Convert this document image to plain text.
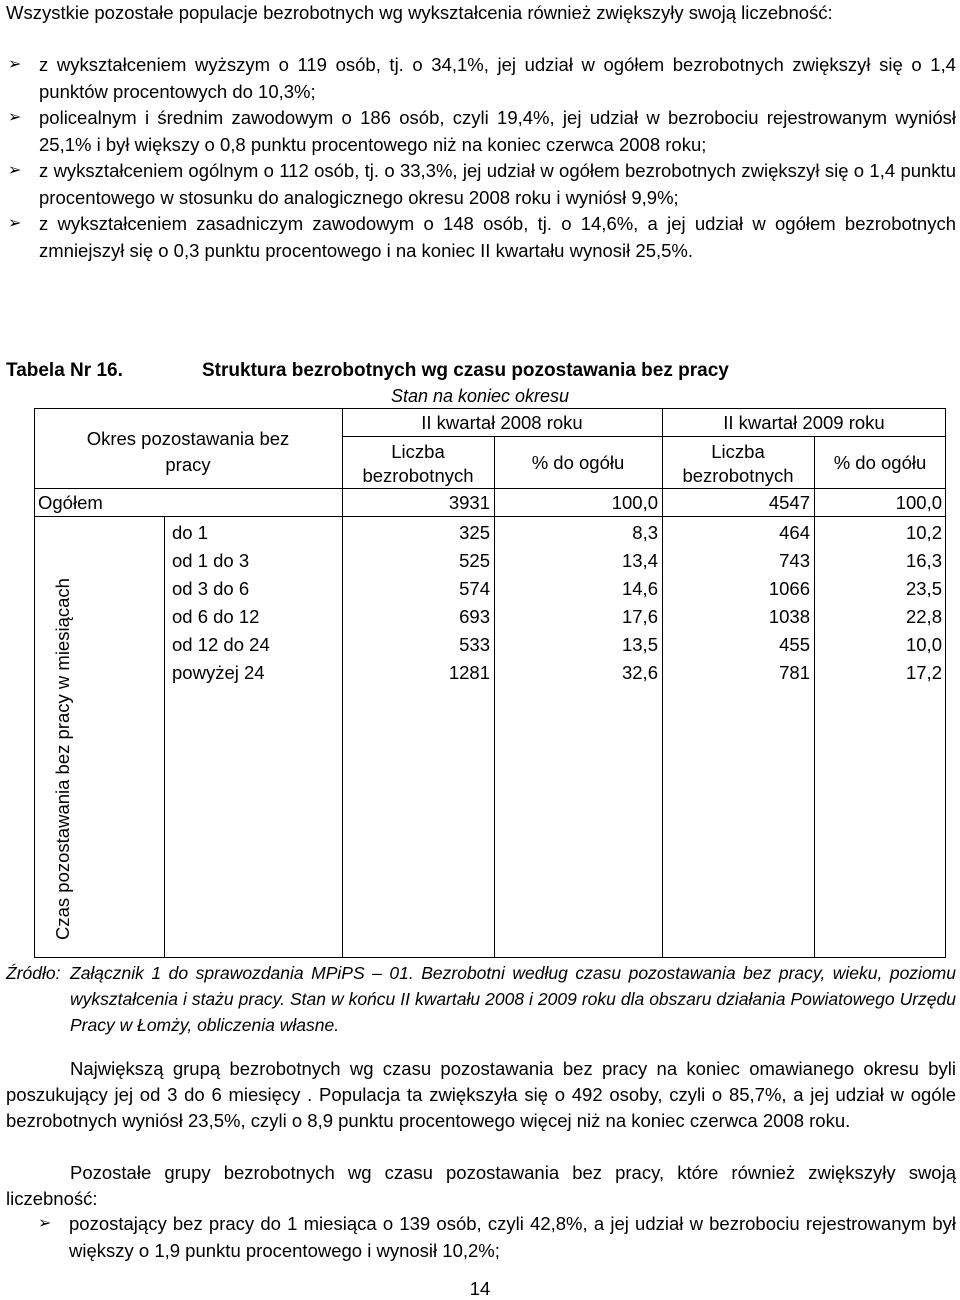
Wszystkie pozostałe populacje bezrobotnych wg wykształcenia również zwiększyły swoją liczebność:

➢ z wykształceniem wyższym o 119 osób, tj. o 34,1%, jej udział w ogółem bezrobotnych zwiększył się o 1,4 punktów procentowych do 10,3%;
➢ policealnym i średnim zawodowym o 186 osób, czyli 19,4%, jej udział w bezrobociu rejestrowanym wyniósł 25,1% i był większy o 0,8 punktu procentowego niż na koniec czerwca 2008 roku;
➢ z wykształceniem ogólnym o 112 osób, tj. o 33,3%, jej udział w ogółem bezrobotnych zwiększył się o 1,4 punktu procentowego w stosunku do analogicznego okresu 2008 roku i wyniósł 9,9%;
➢ z wykształceniem zasadniczym zawodowym o 148 osób, tj. o 14,6%, a jej udział w ogółem bezrobotnych zmniejszył się o 0,3 punktu procentowego i na koniec II kwartału wynosił 25,5%.
Tabela Nr 16.	Struktura bezrobotnych wg czasu pozostawania bez pracy
Stan na koniec okresu
Okres pozostawania bez pracy
II kwartał 2008 roku	II kwartał 2009 roku
Liczba bezrobotnych
% do ogółu
Liczba bezrobotnych
% do ogółu
Ogółem	3931	100,0	4547	100,0
do 1	325	8,3	464	10,2
od 1 do 3	525	13,4	743	16,3
od 3 do 6	574	14,6	1066	23,5
od 6 do 12	693	17,6	1038	22,8
od 12 do 24	533	13,5	455	10,0
powyżej 24	1281	32,6	781	17,2
Czas pozostawania bez pracy w miesiącach
Źródło: Załącznik 1 do sprawozdania MPiPS – 01. Bezrobotni według czasu pozostawania bez pracy, wieku, poziomu wykształcenia i stażu pracy. Stan w końcu II kwartału 2008 i 2009 roku dla obszaru działania Powiatowego Urzędu Pracy w Łomży, obliczenia własne.

Największą grupą bezrobotnych wg czasu pozostawania bez pracy na koniec omawianego okresu byli poszukujący jej od 3 do 6 miesięcy . Populacja ta zwiększyła się o 492 osoby, czyli o 85,7%, a jej udział w ogóle bezrobotnych wyniósł 23,5%, czyli o 8,9 punktu procentowego więcej niż na koniec czerwca 2008 roku.

Pozostałe grupy bezrobotnych wg czasu pozostawania bez pracy, które również zwiększyły swoją liczebność:

➢ pozostający bez pracy do 1 miesiąca o 139 osób, czyli 42,8%, a jej udział w bezrobociu rejestrowanym był większy o 1,9 punktu procentowego i wynosił 10,2%;
14
